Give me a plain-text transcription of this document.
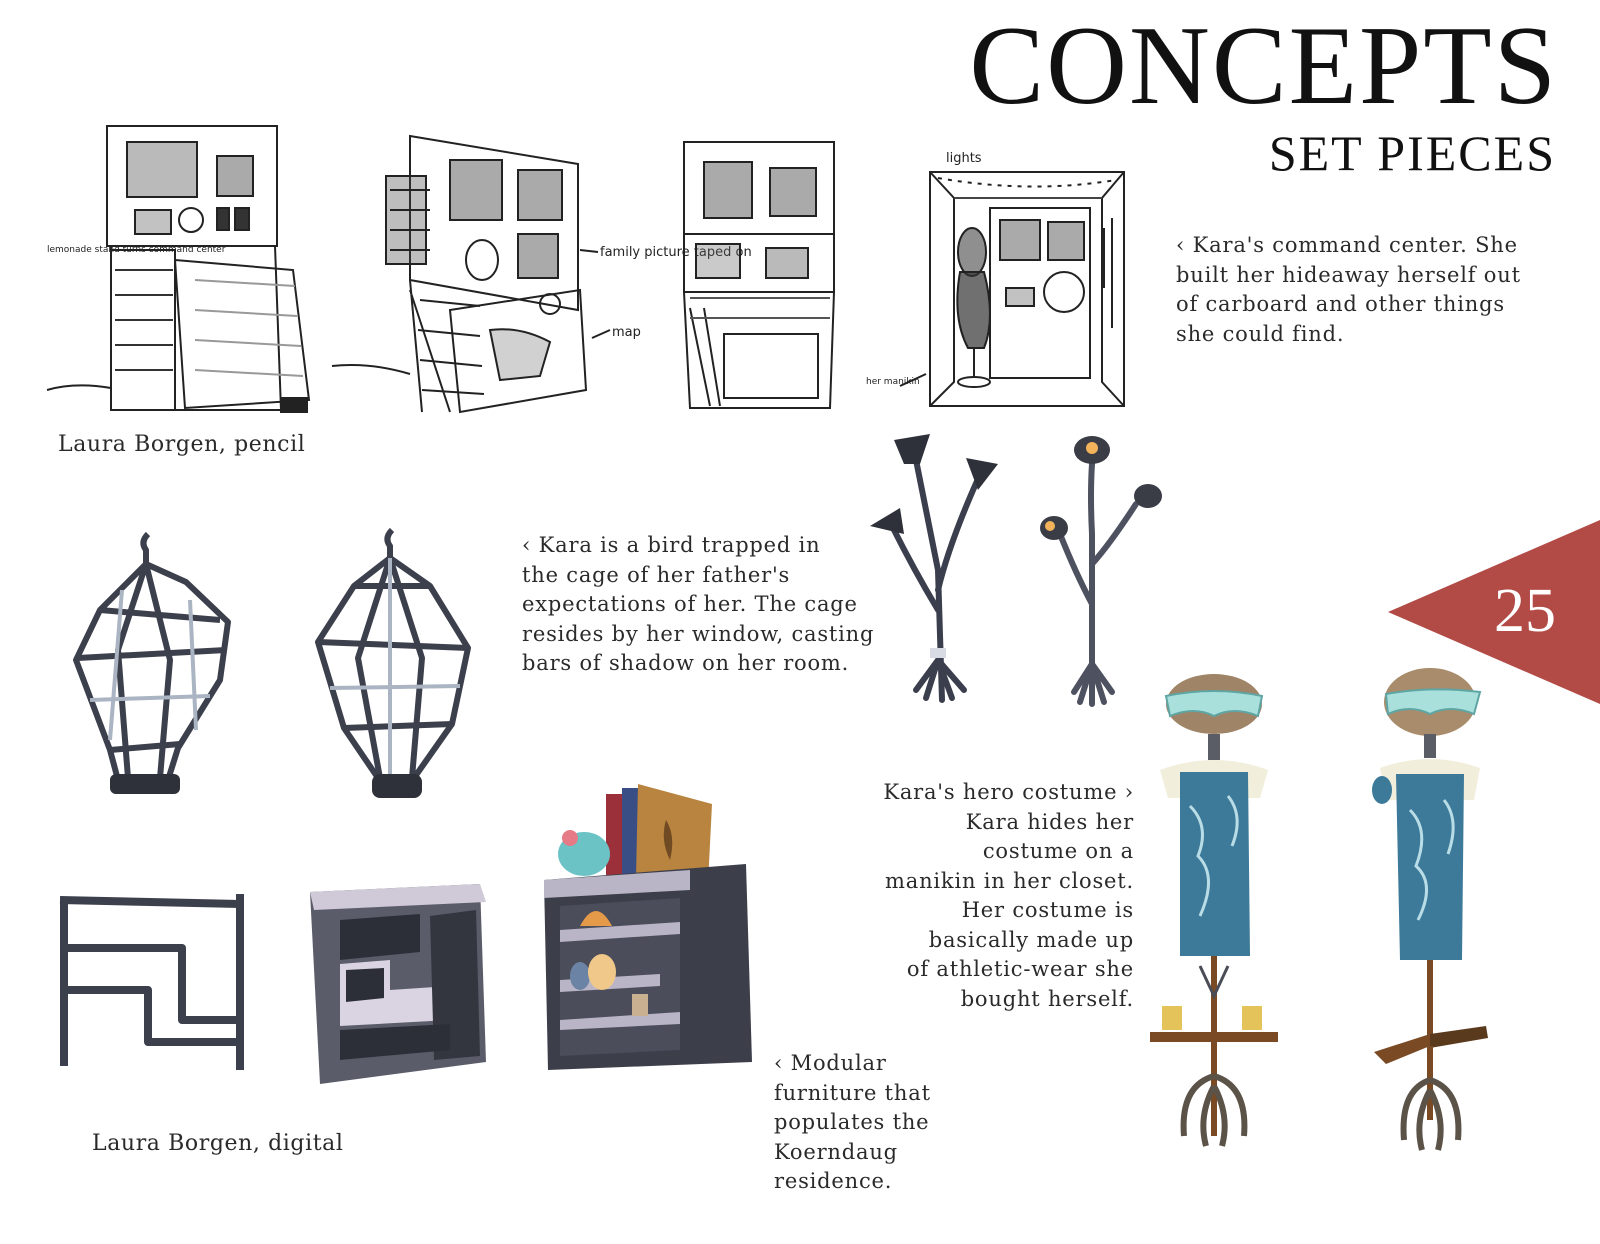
CONCEPTS
SET PIECES
25
lemonade stand turns command center	family picture taped on
map
lights
her manikin
Laura Borgen, pencil
‹ Kara's command center. She
built her hideaway herself out
of carboard and other things
she could find.
‹ Kara is a bird trapped in
the cage of her father's
expectations of her. The cage
resides by her window, casting
bars of shadow on her room.
Laura Borgen, digital
‹ Modular
furniture that
populates the
Koerndaug
residence.
Kara's hero costume ›
Kara hides her
costume on a
manikin in her closet.
Her costume is
basically made up
of athletic-wear she
bought herself.
